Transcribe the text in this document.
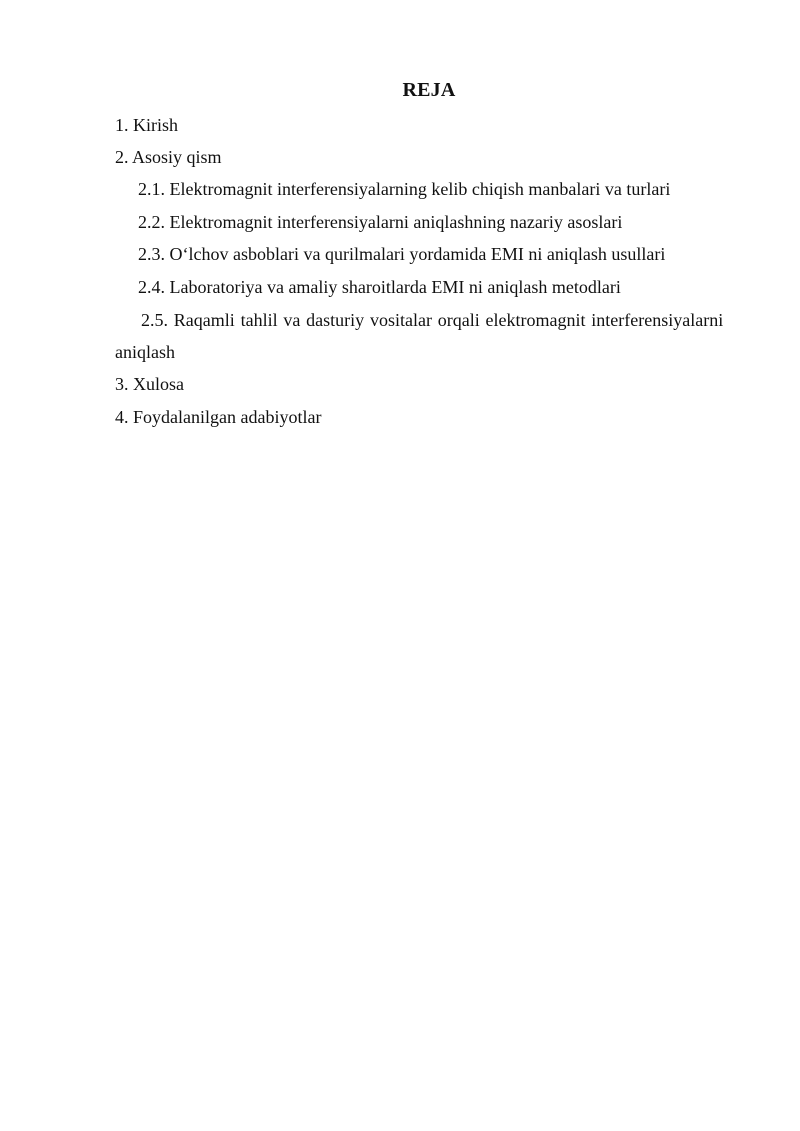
REJA
1. Kirish
2. Asosiy qism
2.1. Elektromagnit interferensiyalarning kelib chiqish manbalari va turlari
2.2. Elektromagnit interferensiyalarni aniqlashning nazariy asoslari
2.3. O‘lchov asboblari va qurilmalari yordamida EMI ni aniqlash usullari
2.4. Laboratoriya va amaliy sharoitlarda EMI ni aniqlash metodlari
2.5. Raqamli tahlil va dasturiy vositalar orqali elektromagnit interferensiyalarni
aniqlash
3. Xulosa
4. Foydalanilgan adabiyotlar
